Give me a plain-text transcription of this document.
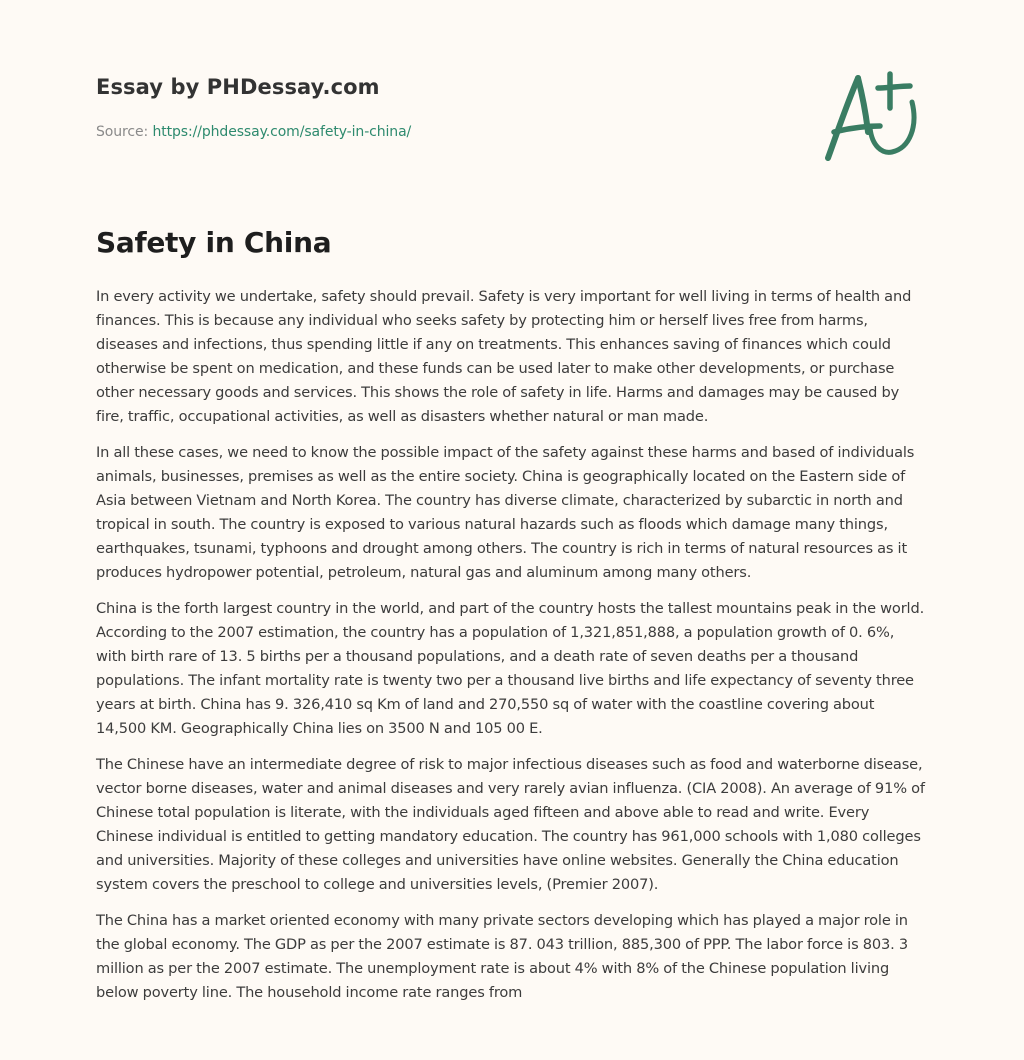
Essay by PHDessay.com
Source: https://phdessay.com/safety-in-china/
Safety in China

In every activity we undertake, safety should prevail. Safety is very important for well living in terms of health and finances. This is because any individual who seeks safety by protecting him or herself lives free from harms, diseases and infections, thus spending little if any on treatments. This enhances saving of finances which could otherwise be spent on medication, and these funds can be used later to make other developments, or purchase other necessary goods and services. This shows the role of safety in life. Harms and damages may be caused by fire, traffic, occupational activities, as well as disasters whether natural or man made.

In all these cases, we need to know the possible impact of the safety against these harms and based of individuals animals, businesses, premises as well as the entire society. China is geographically located on the Eastern side of Asia between Vietnam and North Korea. The country has diverse climate, characterized by subarctic in north and tropical in south. The country is exposed to various natural hazards such as floods which damage many things, earthquakes, tsunami, typhoons and drought among others. The country is rich in terms of natural resources as it produces hydropower potential, petroleum, natural gas and aluminum among many others.

China is the forth largest country in the world, and part of the country hosts the tallest mountains peak in the world. According to the 2007 estimation, the country has a population of 1,321,851,888, a population growth of 0. 6%, with birth rare of 13. 5 births per a thousand populations, and a death rate of seven deaths per a thousand populations. The infant mortality rate is twenty two per a thousand live births and life expectancy of seventy three years at birth. China has 9. 326,410 sq Km of land and 270,550 sq of water with the coastline covering about 14,500 KM. Geographically China lies on 3500 N and 105 00 E.

The Chinese have an intermediate degree of risk to major infectious diseases such as food and waterborne disease, vector borne diseases, water and animal diseases and very rarely avian influenza. (CIA 2008). An average of 91% of Chinese total population is literate, with the individuals aged fifteen and above able to read and write. Every Chinese individual is entitled to getting mandatory education. The country has 961,000 schools with 1,080 colleges and universities. Majority of these colleges and universities have online websites. Generally the China education system covers the preschool to college and universities levels, (Premier 2007).

The China has a market oriented economy with many private sectors developing which has played a major role in the global economy. The GDP as per the 2007 estimate is 87. 043 trillion, 885,300 of PPP. The labor force is 803. 3 million as per the 2007 estimate. The unemployment rate is about 4% with 8% of the Chinese population living below poverty line. The household income rate ranges from
